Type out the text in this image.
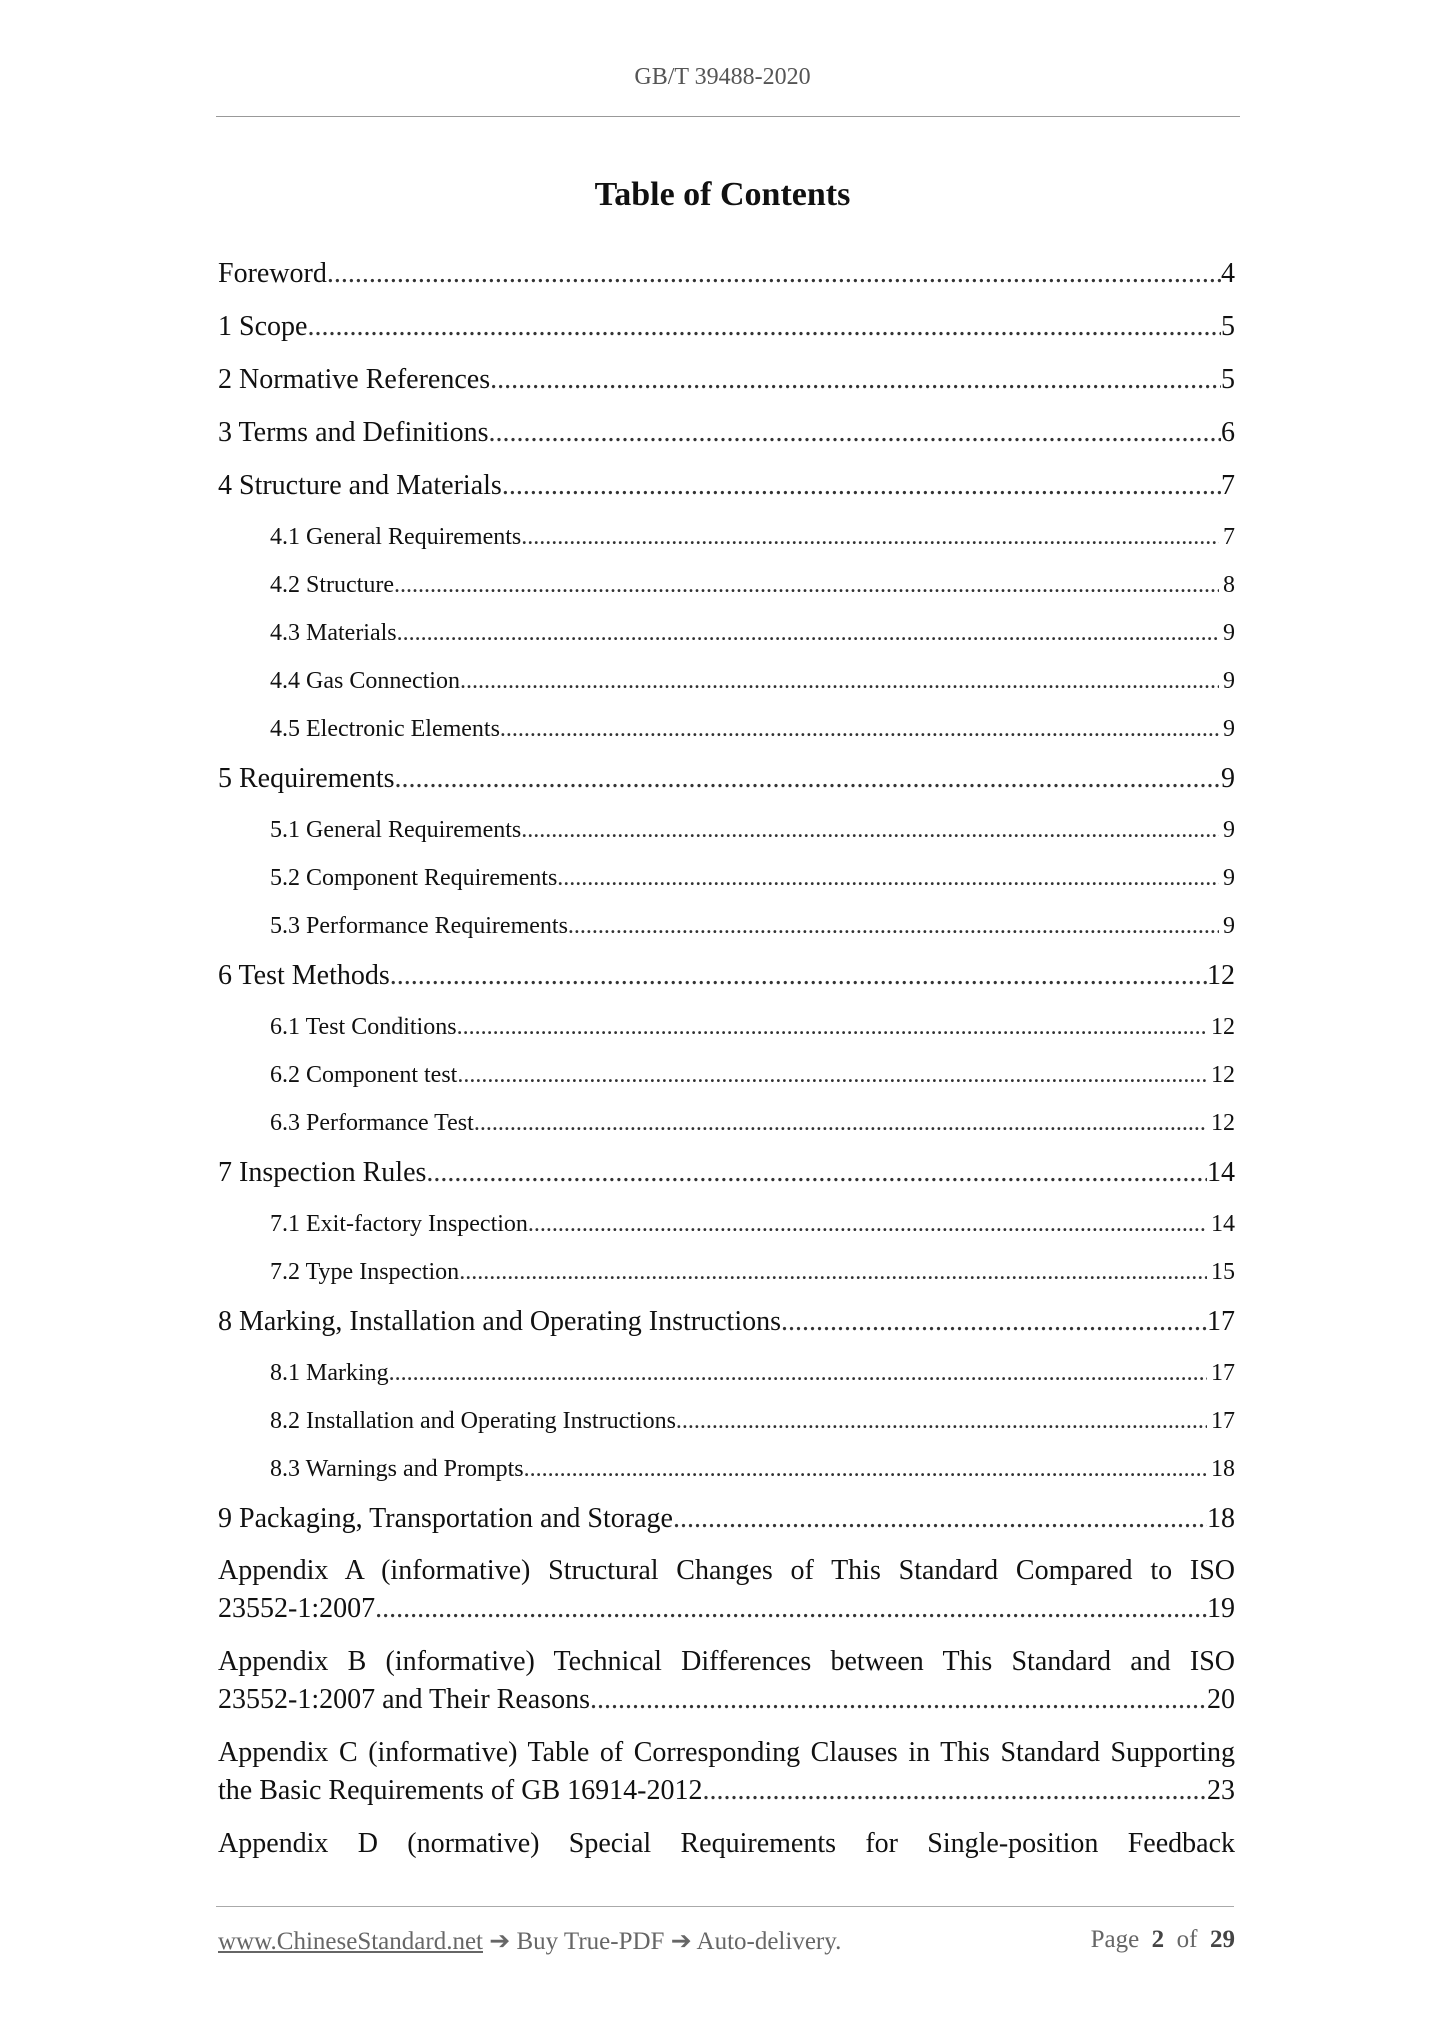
GB/T 39488-2020
Table of Contents
Foreword .....	4
1 Scope .....	5
2 Normative References .....	5
3 Terms and Definitions .....	6
4 Structure and Materials .....	7
4.1 General Requirements .....	7
4.2 Structure .....	8
4.3 Materials .....	9
4.4 Gas Connection .....	9
4.5 Electronic Elements .....	9
5 Requirements .....	9
5.1 General Requirements .....	9
5.2 Component Requirements .....	9
5.3 Performance Requirements .....	9
6 Test Methods .....	12
6.1 Test Conditions .....	12
6.2 Component test .....	12
6.3 Performance Test .....	12
7 Inspection Rules .....	14
7.1 Exit-factory Inspection .....	14
7.2 Type Inspection .....	15
8 Marking, Installation and Operating Instructions .....	17
8.1 Marking .....	17
8.2 Installation and Operating Instructions .....	17
8.3 Warnings and Prompts .....	18
9 Packaging, Transportation and Storage .....	18
Appendix A (informative) Structural Changes of This Standard Compared to ISO
23552-1:2007 .....	19
Appendix B (informative) Technical Differences between This Standard and ISO
23552-1:2007 and Their Reasons .....	20
Appendix C (informative) Table of Corresponding Clauses in This Standard Supporting
the Basic Requirements of GB 16914-2012 .....	23
Appendix D (normative) Special Requirements for Single-position Feedback
www.ChineseStandard.net ➔ Buy True-PDF ➔ Auto-delivery.	Page 2 of 29
